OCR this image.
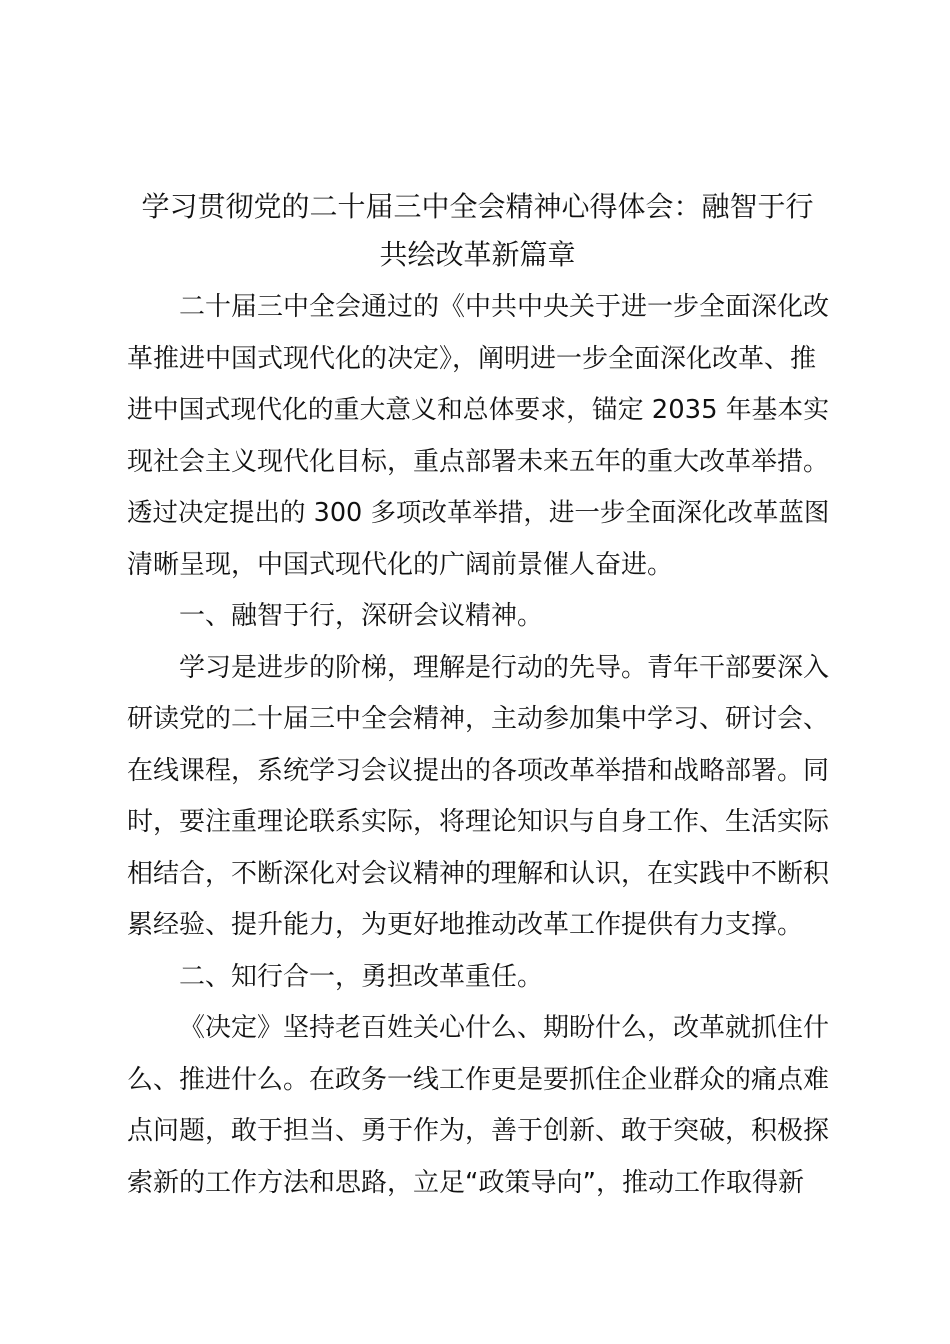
学习贯彻党的二十届三中全会精神心得体会：融智于行
共绘改革新篇章
二十届三中全会通过的《中共中央关于进一步全面深化改
革推进中国式现代化的决定》，阐明进一步全面深化改革、推
进中国式现代化的重大意义和总体要求，锚定 2035 年基本实
现社会主义现代化目标，重点部署未来五年的重大改革举措。
透过决定提出的 300 多项改革举措，进一步全面深化改革蓝图
清晰呈现，中国式现代化的广阔前景催人奋进。
一、融智于行，深研会议精神。
学习是进步的阶梯，理解是行动的先导。青年干部要深入
研读党的二十届三中全会精神，主动参加集中学习、研讨会、
在线课程，系统学习会议提出的各项改革举措和战略部署。同
时，要注重理论联系实际，将理论知识与自身工作、生活实际
相结合，不断深化对会议精神的理解和认识，在实践中不断积
累经验、提升能力，为更好地推动改革工作提供有力支撑。
二、知行合一，勇担改革重任。
《决定》坚持老百姓关心什么、期盼什么，改革就抓住什
么、推进什么。在政务一线工作更是要抓住企业群众的痛点难
点问题，敢于担当、勇于作为，善于创新、敢于突破，积极探
索新的工作方法和思路，立足“政策导向”，推动工作取得新
